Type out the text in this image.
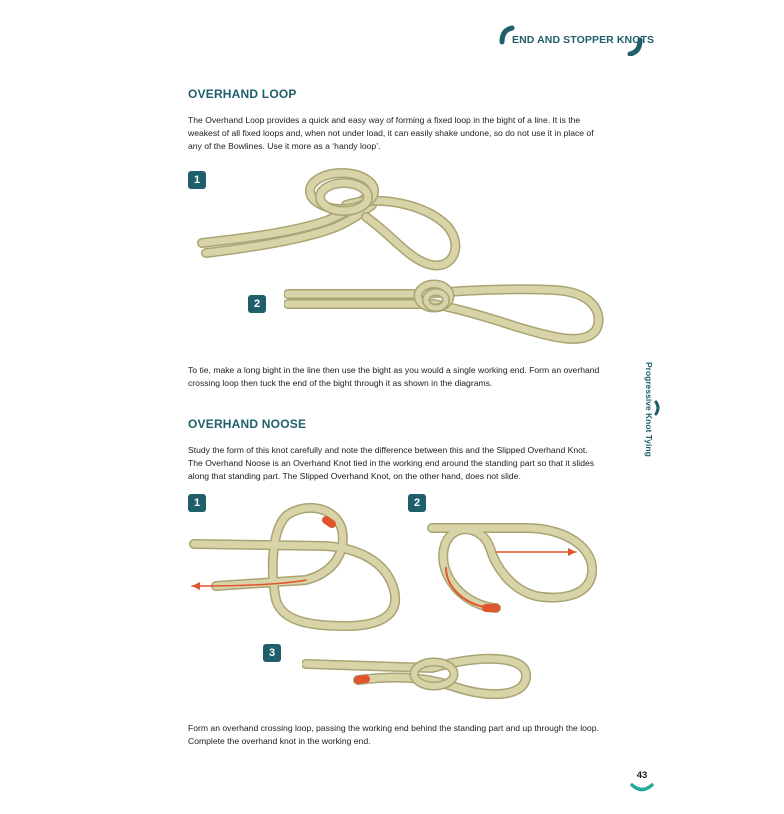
END AND STOPPER KNOTS
OVERHAND LOOP
The Overhand Loop provides a quick and easy way of forming a fixed loop in the bight of a line. It is the weakest of all fixed loops and, when not under load, it can easily shake undone, so do not use it in place of any of the Bowlines. Use it more as a ‘handy loop’.
1
2
To tie, make a long bight in the line then use the bight as you would a single working end. Form an overhand crossing loop then tuck the end of the bight through it as shown in the diagrams.
OVERHAND NOOSE
Study the form of this knot carefully and note the difference between this and the Slipped Overhand Knot. The Overhand Noose is an Overhand Knot tied in the working end around the standing part so that it slides along that standing part. The Slipped Overhand Knot, on the other hand, does not slide.
1	2
3
Form an overhand crossing loop, passing the working end behind the standing part and up through the loop. Complete the overhand knot in the working end.
Progressive Knot Tying
43
